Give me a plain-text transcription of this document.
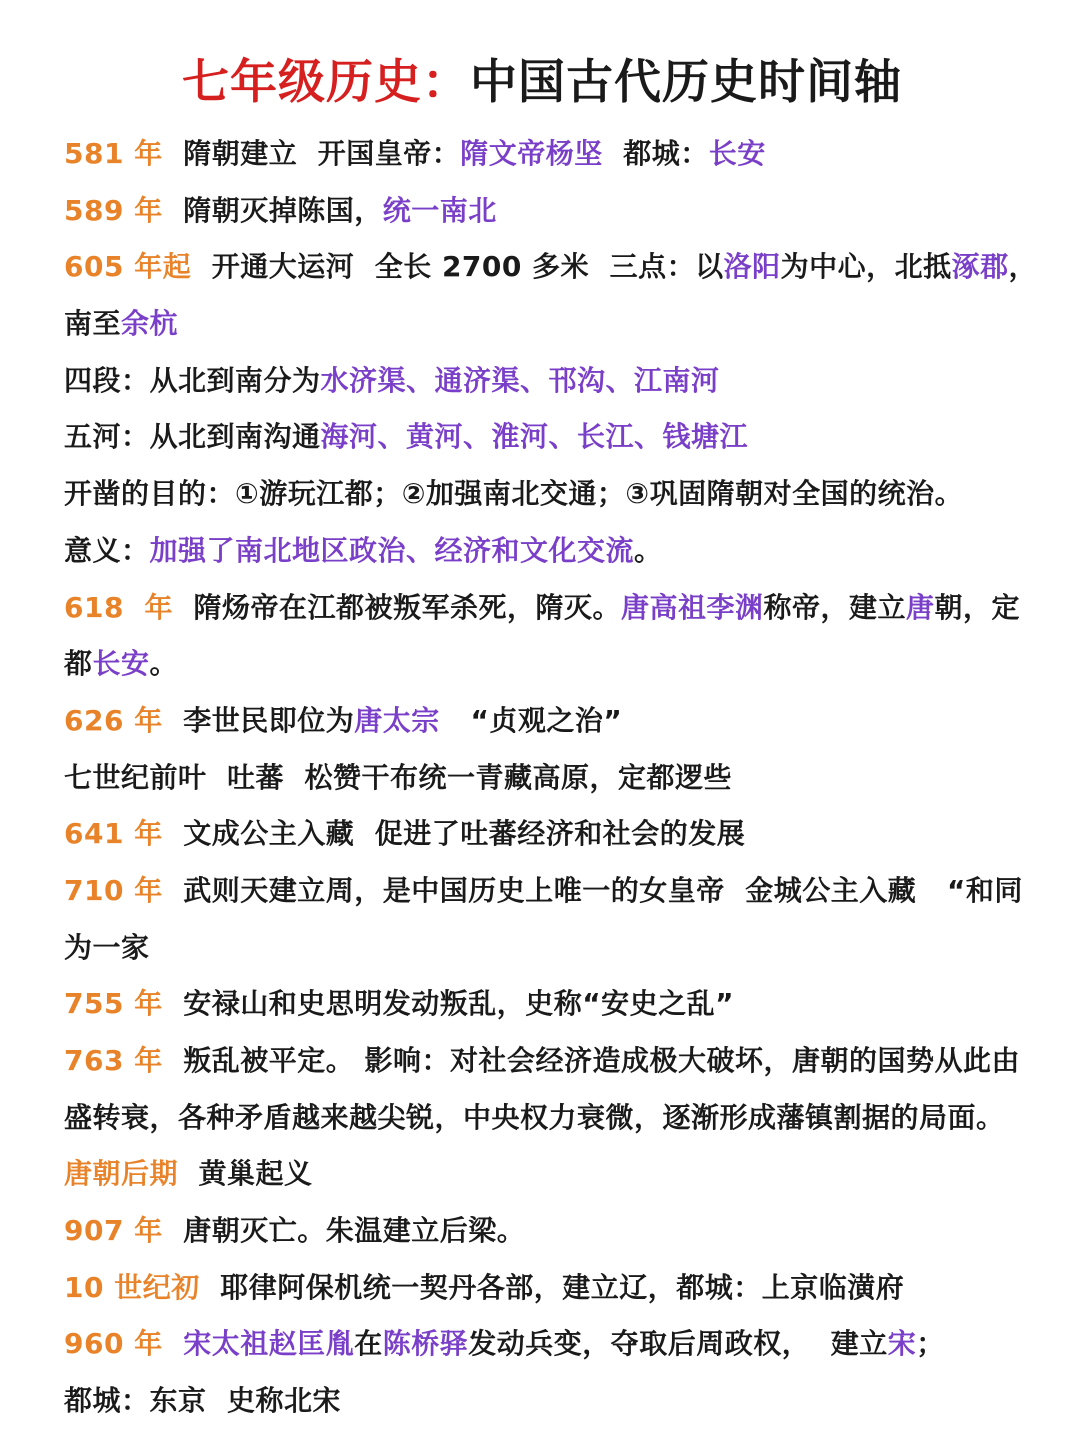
七年级历史：中国古代历史时间轴
581 年  隋朝建立  开国皇帝：隋文帝杨坚  都城：长安
589 年  隋朝灭掉陈国，统一南北
605 年起  开通大运河  全长 2700 多米  三点：以洛阳为中心，北抵涿郡，
南至余杭
四段：从北到南分为水济渠、通济渠、邗沟、江南河
五河：从北到南沟通海河、黄河、淮河、长江、钱塘江
开凿的目的：①游玩江都；②加强南北交通；③巩固隋朝对全国的统治。
意义：加强了南北地区政治、经济和文化交流。
618  年  隋炀帝在江都被叛军杀死，隋灭。唐高祖李渊称帝，建立唐朝，定
都长安。
626 年  李世民即位为唐太宗   “贞观之治”
七世纪前叶  吐蕃  松赞干布统一青藏高原，定都逻些
641 年  文成公主入藏  促进了吐蕃经济和社会的发展
710 年  武则天建立周，是中国历史上唯一的女皇帝  金城公主入藏   “和同
为一家
755 年  安禄山和史思明发动叛乱，史称“安史之乱”
763 年  叛乱被平定。 影响：对社会经济造成极大破坏，唐朝的国势从此由
盛转衰，各种矛盾越来越尖锐，中央权力衰微，逐渐形成藩镇割据的局面。
唐朝后期  黄巢起义
907 年  唐朝灭亡。朱温建立后梁。
10 世纪初  耶律阿保机统一契丹各部，建立辽，都城：上京临潢府
960 年  宋太祖赵匡胤在陈桥驿发动兵变，夺取后周政权，  建立宋；
都城：东京  史称北宋
